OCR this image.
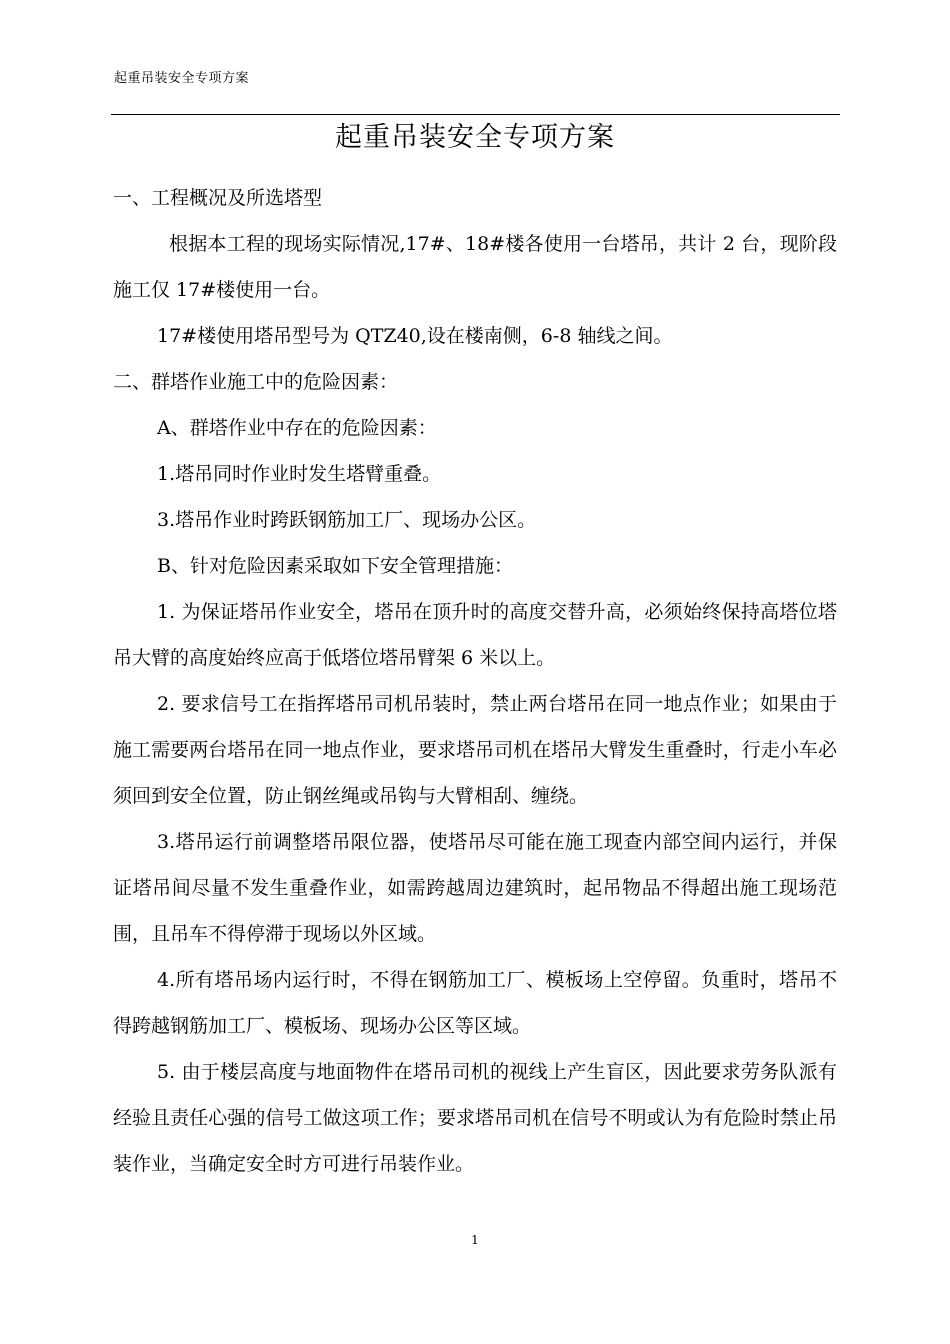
起重吊装安全专项方案
起重吊装安全专项方案

一、工程概况及所选塔型

根据本工程的现场实际情况,17#、18#楼各使用一台塔吊，共计 2 台，现阶段施工仅 17#楼使用一台。

17#楼使用塔吊型号为 QTZ40,设在楼南侧，6-8 轴线之间。

二、群塔作业施工中的危险因素：

A、群塔作业中存在的危险因素：

1.塔吊同时作业时发生塔臂重叠。

3.塔吊作业时跨跃钢筋加工厂、现场办公区。

B、针对危险因素采取如下安全管理措施：

1. 为保证塔吊作业安全，塔吊在顶升时的高度交替升高，必须始终保持高塔位塔吊大臂的高度始终应高于低塔位塔吊臂架 6 米以上。

2. 要求信号工在指挥塔吊司机吊装时，禁止两台塔吊在同一地点作业；如果由于施工需要两台塔吊在同一地点作业，要求塔吊司机在塔吊大臂发生重叠时，行走小车必须回到安全位置，防止钢丝绳或吊钩与大臂相刮、缠绕。

3.塔吊运行前调整塔吊限位器，使塔吊尽可能在施工现查内部空间内运行，并保证塔吊间尽量不发生重叠作业，如需跨越周边建筑时，起吊物品不得超出施工现场范围，且吊车不得停滞于现场以外区域。

4.所有塔吊场内运行时，不得在钢筋加工厂、模板场上空停留。负重时，塔吊不得跨越钢筋加工厂、模板场、现场办公区等区域。

5. 由于楼层高度与地面物件在塔吊司机的视线上产生盲区，因此要求劳务队派有经验且责任心强的信号工做这项工作；要求塔吊司机在信号不明或认为有危险时禁止吊装作业，当确定安全时方可进行吊装作业。

1
